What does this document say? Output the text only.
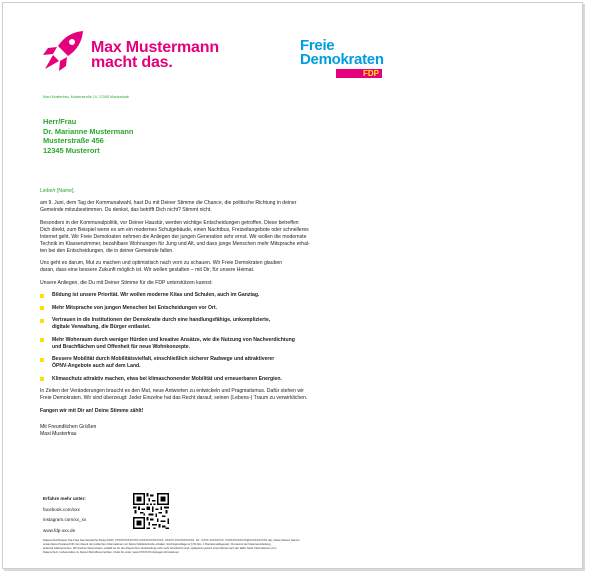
Max Mustermann
macht das.
Freie
Demokraten
FDP
Maxi Musterfrau, Musterstraße 10, 12345 Musterstadt
Herr/Frau
Dr. Marianne Mustermann
Musterstraße 456
12345 Musterort
Liebe/r [Name],
am 9. Juni, dem Tag der Kommunalwahl, hast Du mit Deiner Stimme die Chance, die politische Richtung in deiner
Gemeinde mitzubestimmen. Du denkst, das betrifft Dich nicht? Stimmt nicht.
Besonders in der Kommunalpolitik, vor Deiner Haustür, werden wichtige Entscheidungen getroffen. Diese betreffen
Dich direkt, zum Beispiel wenn es um ein modernes Schulgebäude, einen Nachtbus, Freizeitangebote oder schnelleres
Internet geht. Wir Freie Demokraten nehmen die Anliegen der jungen Generation sehr ernst. Wir wollen die modernste
Technik im Klassenzimmer, bezahlbare Wohnungen für Jung und Alt, und dass junge Menschen mehr Mitsprache erhal-
ten bei den Entscheidungen, die in deiner Gemeinde fallen.
Uns geht es darum, Mut zu machen und optimistisch nach vorn zu schauen. Wir Freie Demokraten glauben
daran, dass eine bessere Zukunft möglich ist. Wir wollen gestalten – mit Dir, für unsere Heimat.
Unsere Anliegen, die Du mit Deiner Stimme für die FDP unterstützen kannst:
Bildung ist unsere Priorität. Wir wollen moderne Kitas und Schulen, auch im Ganztag.
Mehr Mitsprache von jungen Menschen bei Entscheidungen vor Ort.
Vertrauen in die Institutionen der Demokratie durch eine handlungsfähige, unkomplizierte,
digitale Verwaltung, die Bürger entlastet.
Mehr Wohnraum durch weniger Hürden und kreative Ansätze, wie die Nutzung von Nachverdichtung
und Brachflächen und Offenheit für neue Wohnkonzepte.
Bessere Mobilität durch Mobilitätsvielfalt, einschließlich sicherer Radwege und attraktiverer
ÖPNV-Angebote auch auf dem Land.
Klimaschutz attraktiv machen, etwa bei klimaschonender Mobilität und erneuerbaren Energien.
In Zeiten der Veränderungen braucht es den Mut, neue Antworten zu entwickeln und Pragmatismus. Dafür stehen wir
Freie Demokraten. Wir sind überzeugt: Jeder Einzelne hat das Recht darauf, seinen (Lebens-) Traum zu verwirklichen.
Fangen wir mit Dir an! Deine Stimme zählt!
Mit Freundlichen Grüßen
Maxi Musterfrau
Erfahre mehr unter:
facebook.com/xxx
instagram.com/xx_xx
www.fdp-xxx.de
Datenschutzhinweis: Die Freie Demokratische Partei (FDP), XXXXXXXXXXXXX (XXXXXXXXXXXXX, XXXXX XXXXXXXXXXX, Tel.: XXXX XXXXXXXX; XXXXXXXXXXXX@XXXXXXXXXX.de), haben Deinen Namen
sowie Deine Postanschrift zum Zweck der politischen Informationen vor Deiner Meldebehörde erhalten. Rechtsgrundlage ist § 50 Abs. 1 Bundesmeldegesetz. Du kannst der Datenverarbeitung
jederzeit widersprechen. Wir löschen Deine Daten, sobald sie für den Zweck ihrer Verarbeitung nicht mehr erforderlich sind, spätestens jedoch einen Monat nach der Wahl. Mehr Informationen zum
Datenschutz, insbesondere zu Deinen Betroffenenrechten, findet Du unter: www.XXXXXXX.de/legal-informationen
